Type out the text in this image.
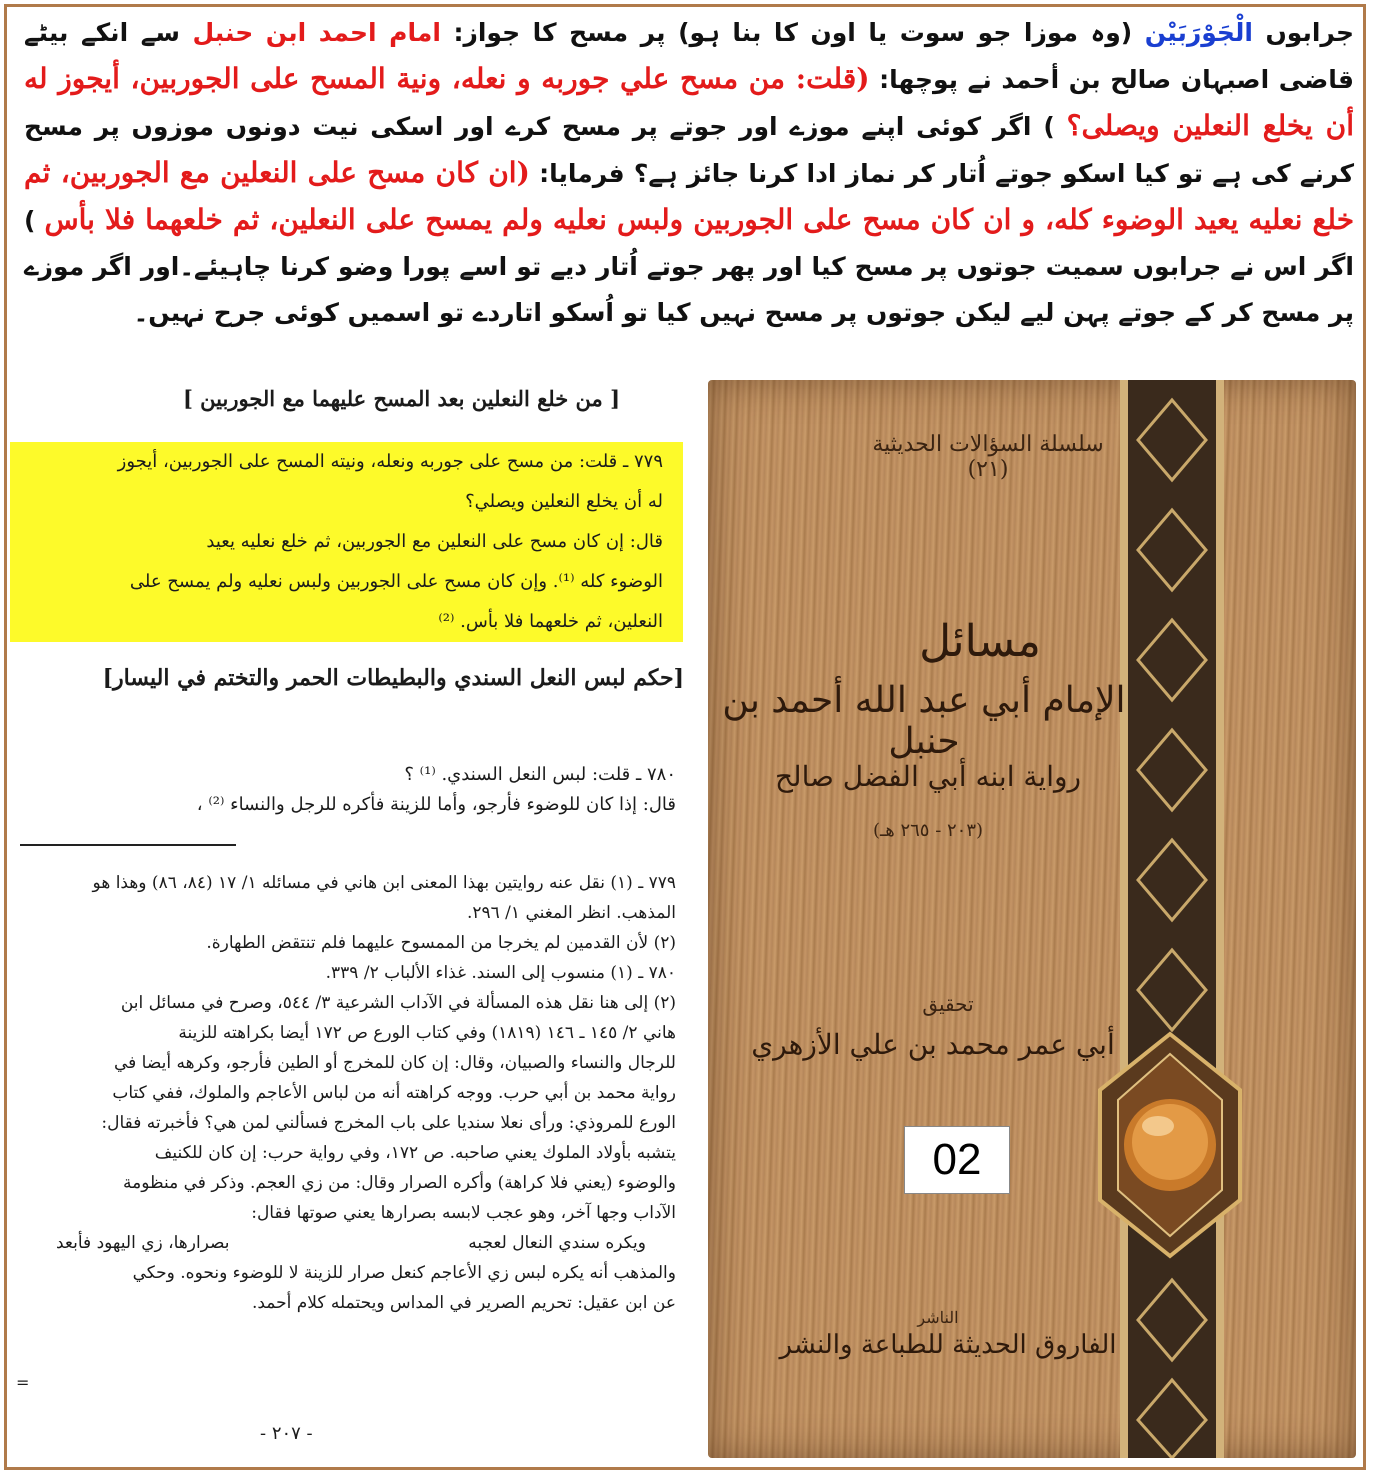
جرابوں الْجَوْرَبَيْن (وہ موزا جو سوت یا اون کا بنا ہو) پر مسح کا جواز: امام احمد ابن حنبل سے انکے بیٹے قاضی اصبہان صالح بن أحمد نے پوچھا: (قلت: من مسح علي جوربه و نعله، ونية المسح على الجوربين، أيجوز له أن يخلع النعلين ويصلى؟ ) اگر کوئی اپنے موزے اور جوتے پر مسح کرے اور اسکی نیت دونوں موزوں پر مسح کرنے کی ہے تو کیا اسکو جوتے اُتار کر نماز ادا کرنا جائز ہے؟ فرمایا: (ان كان مسح على النعلين مع الجوربين، ثم خلع نعليه يعيد الوضوء كله، و ان كان مسح على الجوربين ولبس نعليه ولم يمسح على النعلين، ثم خلعهما فلا بأس ) اگر اس نے جرابوں سمیت جوتوں پر مسح کیا اور پھر جوتے اُتار دیے تو اسے پورا وضو کرنا چاہیئے۔اور اگر موزے پر مسح کر کے جوتے پہن لیے لیکن جوتوں پر مسح نہیں کیا تو اُسکو اتاردے تو اسمیں کوئی جرح نہیں۔
[ من خلع النعلين بعد المسح عليهما مع الجوربين ]

٧٧٩ ـ قلت: من مسح على جوربه ونعله، ونيته المسح على الجوربين، أيجوز

له أن يخلع النعلين ويصلي؟

قال: إن كان مسح على النعلين مع الجوربين، ثم خلع نعليه يعيد

الوضوء كله ⁽¹⁾. وإن كان مسح على الجوربين ولبس نعليه ولم يمسح على

النعلين، ثم خلعهما فلا بأس. ⁽²⁾

[حكم لبس النعل السندي والبطيطات الحمر والتختم في اليسار]
٧٨٠ ـ قلت: لبس النعل السندي. ⁽¹⁾ ؟
قال: إذا كان للوضوء فأرجو، وأما للزينة فأكره للرجل والنساء ⁽²⁾ ،
٧٧٩ ـ (١) نقل عنه روايتين بهذا المعنى ابن هاني في مسائله ١/ ١٧ (٨٤، ٨٦) وهذا هو
المذهب. انظر المغني ١/ ٢٩٦.
(٢) لأن القدمين لم يخرجا من الممسوح عليهما فلم تنتقض الطهارة.
٧٨٠ ـ (١) منسوب إلى السند. غذاء الألباب ٢/ ٣٣٩.
(٢) إلى هنا نقل هذه المسألة في الآداب الشرعية ٣/ ٥٤٤، وصرح في مسائل ابن
هاني ٢/ ١٤٥ ـ ١٤٦ (١٨١٩) وفي كتاب الورع ص ١٧٢ أيضا بكراهته للزينة
للرجال والنساء والصبيان، وقال: إن كان للمخرج أو الطين فأرجو، وكرهه أيضا في
رواية محمد بن أبي حرب. ووجه كراهته أنه من لباس الأعاجم والملوك، ففي كتاب
الورع للمروذي: ورأى نعلا سنديا على باب المخرج فسألني لمن هي؟ فأخبرته فقال:
يتشبه بأولاد الملوك يعني صاحبه. ص ١٧٢، وفي رواية حرب: إن كان للكنيف
والوضوء (يعني فلا كراهة) وأكره الصرار وقال: من زي العجم. وذكر في منظومة
الآداب وجها آخر، وهو عجب لابسه بصرارها يعني صوتها فقال:
ويكره سندي النعال لعجبه
بصرارها، زي اليهود فأبعد
والمذهب أنه يكره لبس زي الأعاجم كنعل صرار للزينة لا للوضوء ونحوه. وحكي
عن ابن عقيل: تحريم الصرير في المداس ويحتمله كلام أحمد.
=
- ٢٠٧ -
سلسلة السؤالات الحديثية (٢١)
مسائل
الإمام أبي عبد الله أحمد بن حنبل
رواية ابنه أبي الفضل صالح
(٢٠٣ - ٢٦٥ هـ)
تحقيق
أبي عمر محمد بن علي الأزهري
02
الناشر
الفاروق الحديثة للطباعة والنشر
